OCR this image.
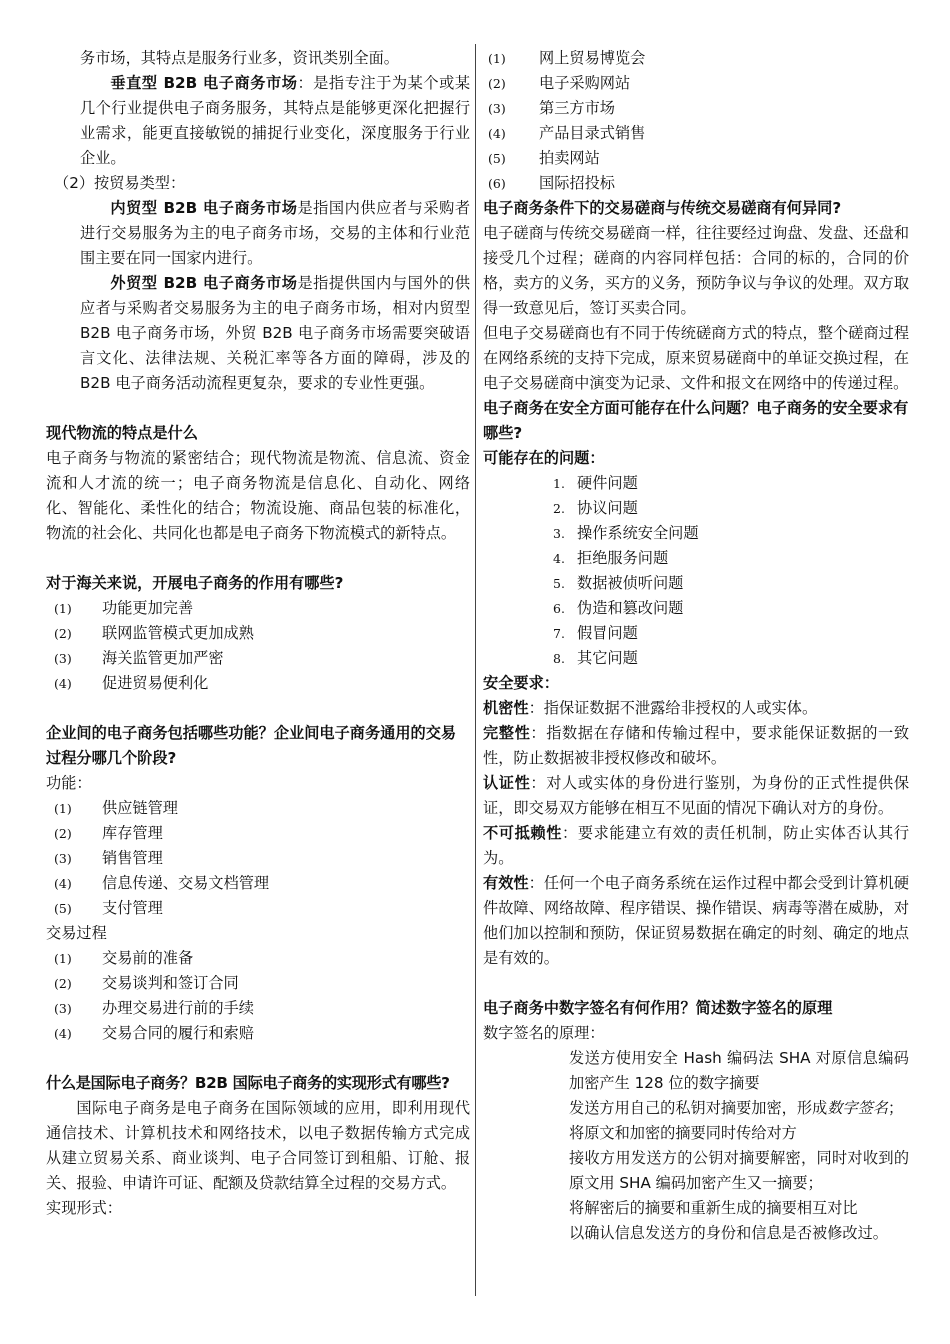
务市场，其特点是服务行业多，资讯类别全面。

垂直型 B2B 电子商务市场：是指专注于为某个或某几个行业提供电子商务服务，其特点是能够更深化把握行业需求，能更直接敏锐的捕捉行业变化，深度服务于行业企业。

（2）按贸易类型：

内贸型 B2B 电子商务市场是指国内供应者与采购者进行交易服务为主的电子商务市场，交易的主体和行业范围主要在同一国家内进行。

外贸型 B2B 电子商务市场是指提供国内与国外的供应者与采购者交易服务为主的电子商务市场，相对内贸型 B2B 电子商务市场，外贸 B2B 电子商务市场需要突破语言文化、法律法规、关税汇率等各方面的障碍，涉及的 B2B 电子商务活动流程更复杂，要求的专业性更强。

现代物流的特点是什么

电子商务与物流的紧密结合；现代物流是物流、信息流、资金流和人才流的统一；电子商务物流是信息化、自动化、网络化、智能化、柔性化的结合；物流设施、商品包装的标准化，物流的社会化、共同化也都是电子商务下物流模式的新特点。

对于海关来说，开展电子商务的作用有哪些?

(1)	功能更加完善
(2)	联网监管模式更加成熟
(3)	海关监管更加严密
(4)	促进贸易便利化

企业间的电子商务包括哪些功能？企业间电子商务通用的交易过程分哪几个阶段?

功能：

(1)	供应链管理
(2)	库存管理
(3)	销售管理
(4)	信息传递、交易文档管理
(5)	支付管理

交易过程

(1)	交易前的准备
(2)	交易谈判和签订合同
(3)	办理交易进行前的手续
(4)	交易合同的履行和索赔

什么是国际电子商务？B2B 国际电子商务的实现形式有哪些?

国际电子商务是电子商务在国际领域的应用，即利用现代通信技术、计算机技术和网络技术，以电子数据传输方式完成从建立贸易关系、商业谈判、电子合同签订到租船、订舱、报关、报验、申请许可证、配额及贷款结算全过程的交易方式。

实现形式：

(1)	网上贸易博览会
(2)	电子采购网站
(3)	第三方市场
(4)	产品目录式销售
(5)	拍卖网站
(6)	国际招投标

电子商务条件下的交易磋商与传统交易磋商有何异同?

电子磋商与传统交易磋商一样，往往要经过询盘、发盘、还盘和接受几个过程；磋商的内容同样包括：合同的标的，合同的价格，卖方的义务，买方的义务，预防争议与争议的处理。双方取得一致意见后，签订买卖合同。

但电子交易磋商也有不同于传统磋商方式的特点，整个磋商过程在网络系统的支持下完成，原来贸易磋商中的单证交换过程，在电子交易磋商中演变为记录、文件和报文在网络中的传递过程。

电子商务在安全方面可能存在什么问题？电子商务的安全要求有哪些?

可能存在的问题：

1. 硬件问题
2. 协议问题
3. 操作系统安全问题
4. 拒绝服务问题
5. 数据被侦听问题
6. 伪造和篡改问题
7. 假冒问题
8. 其它问题

安全要求：

机密性：指保证数据不泄露给非授权的人或实体。

完整性：指数据在存储和传输过程中，要求能保证数据的一致性，防止数据被非授权修改和破坏。

认证性：对人或实体的身份进行鉴别，为身份的正式性提供保证，即交易双方能够在相互不见面的情况下确认对方的身份。

不可抵赖性：要求能建立有效的责任机制，防止实体否认其行为。

有效性：任何一个电子商务系统在运作过程中都会受到计算机硬件故障、网络故障、程序错误、操作错误、病毒等潜在威胁，对他们加以控制和预防，保证贸易数据在确定的时刻、确定的地点是有效的。

电子商务中数字签名有何作用？简述数字签名的原理

数字签名的原理：

发送方使用安全 Hash 编码法 SHA 对原信息编码加密产生 128 位的数字摘要

发送方用自己的私钥对摘要加密，形成数字签名；

将原文和加密的摘要同时传给对方

接收方用发送方的公钥对摘要解密，同时对收到的原文用 SHA 编码加密产生又一摘要；

将解密后的摘要和重新生成的摘要相互对比

以确认信息发送方的身份和信息是否被修改过。
